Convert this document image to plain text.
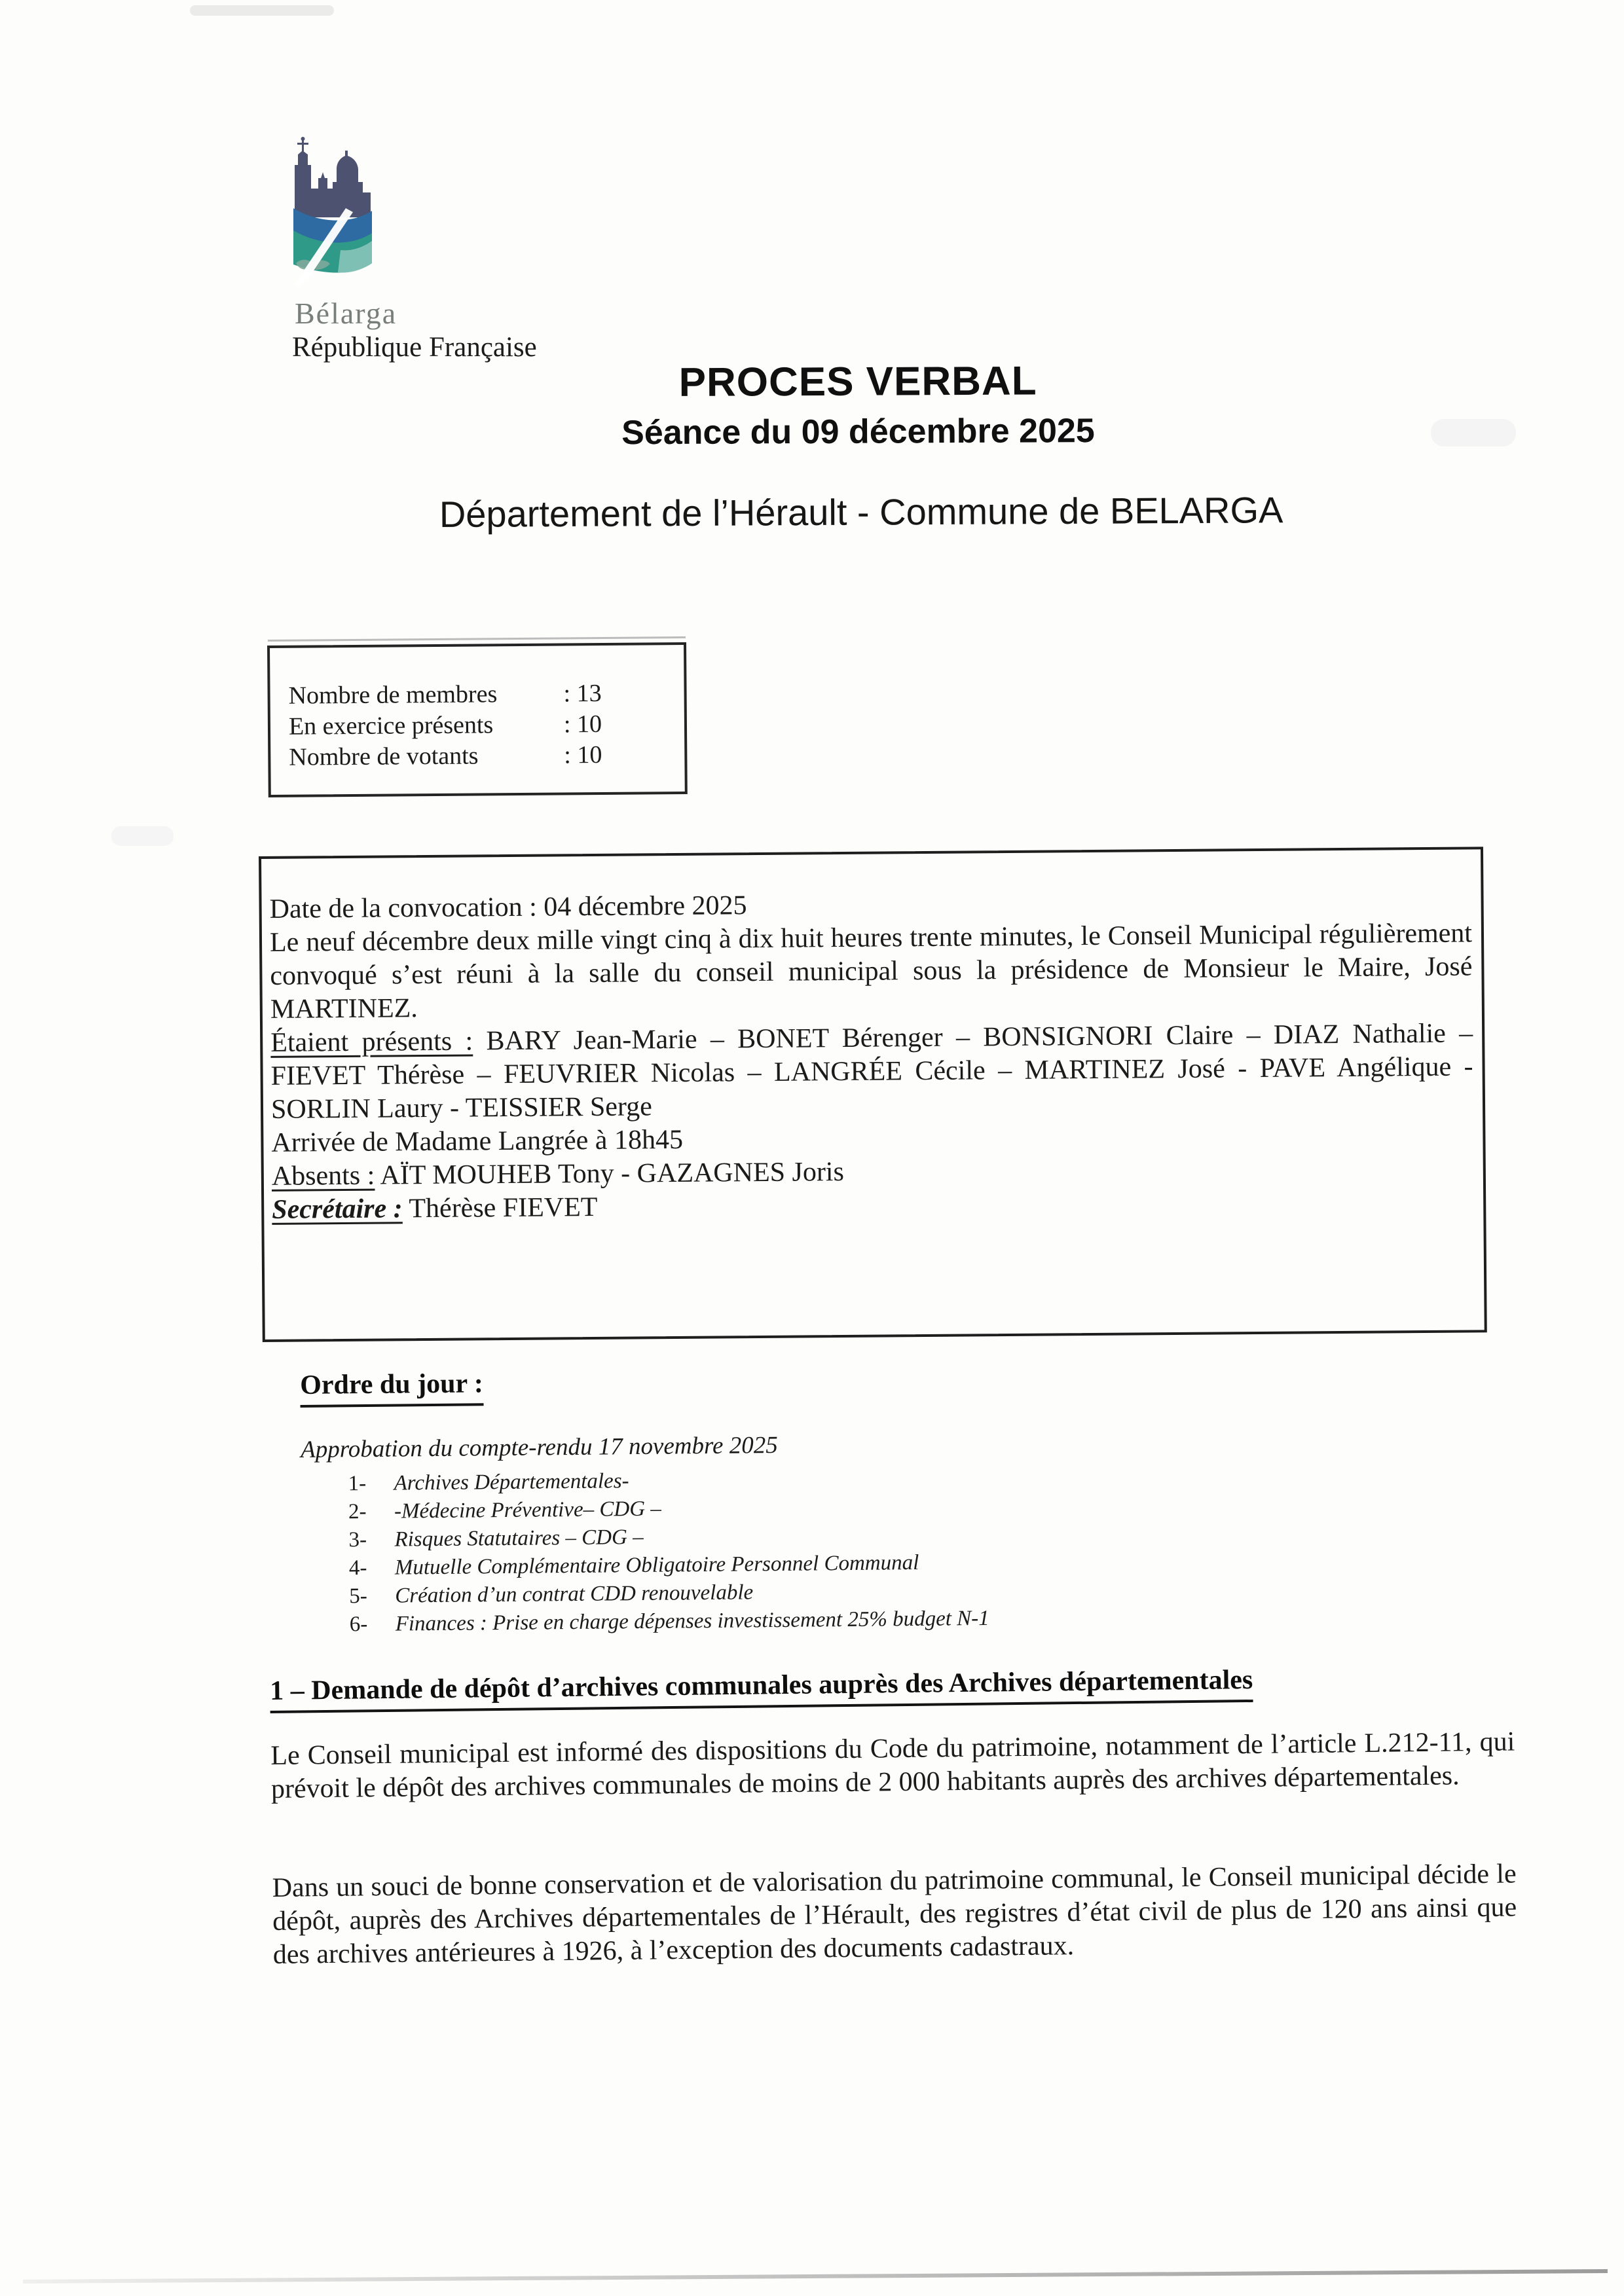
Bélarga
République Française
PROCES VERBAL
Séance du 09 décembre 2025
Département de l’Hérault - Commune de BELARGA
Nombre de membres	: 13
En exercice présents	: 10
Nombre de votants	: 10

Date de la convocation : 04 décembre 2025

Le neuf décembre deux mille vingt cinq à dix huit heures trente minutes, le Conseil Municipal régulièrement convoqué s’est réuni à la salle du conseil municipal sous la présidence de Monsieur le Maire, José MARTINEZ.

Étaient présents : BARY Jean-Marie – BONET Bérenger – BONSIGNORI Claire – DIAZ Nathalie – FIEVET Thérèse – FEUVRIER Nicolas – LANGRÉE Cécile – MARTINEZ José - PAVE Angélique - SORLIN Laury - TEISSIER Serge

Arrivée de Madame Langrée à 18h45

Absents : AÏT MOUHEB Tony - GAZAGNES Joris

Secrétaire : Thérèse FIEVET

Ordre du jour :
Approbation du compte-rendu 17 novembre 2025
1- Archives Départementales-
2- -Médecine Préventive– CDG –
3- Risques Statutaires – CDG –
4- Mutuelle Complémentaire Obligatoire Personnel Communal
5- Création d’un contrat CDD renouvelable
6- Finances : Prise en charge dépenses investissement 25% budget N-1
1 – Demande de dépôt d’archives communales auprès des Archives départementales

Le Conseil municipal est informé des dispositions du Code du patrimoine, notamment de l’article L.212-11, qui prévoit le dépôt des archives communales de moins de 2 000 habitants auprès des archives départementales.

Dans un souci de bonne conservation et de valorisation du patrimoine communal, le Conseil municipal décide le dépôt, auprès des Archives départementales de l’Hérault, des registres d’état civil de plus de 120 ans ainsi que des archives antérieures à 1926, à l’exception des documents cadastraux.
